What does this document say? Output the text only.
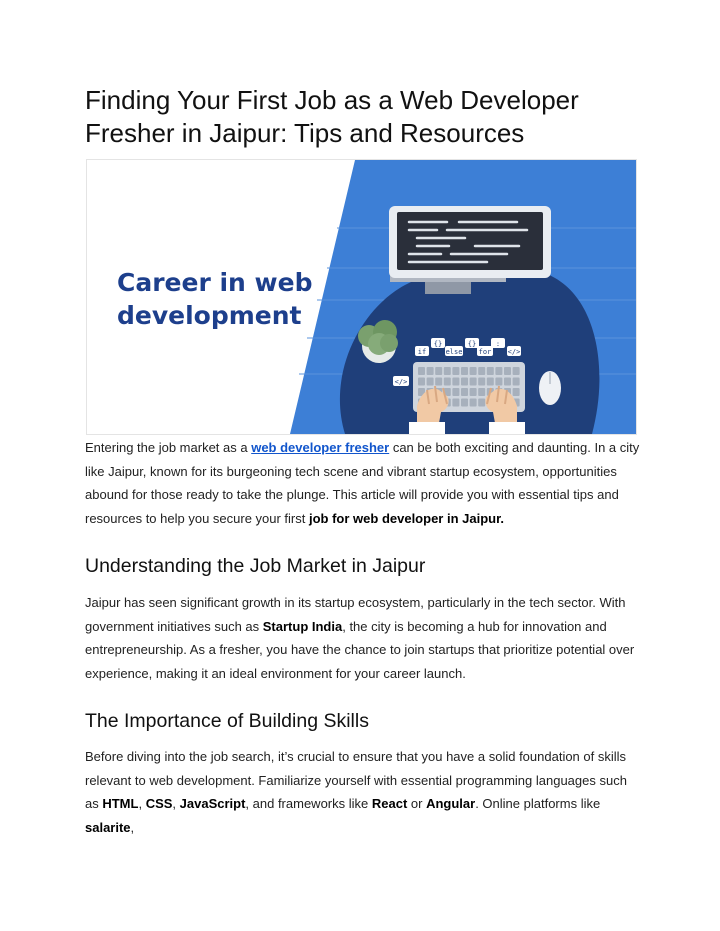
Finding Your First Job as a Web Developer Fresher in Jaipur: Tips and Resources
Career in web
development
if
{}
else
{}
for
:
</>
</>

Entering the job market as a web developer fresher can be both exciting and daunting. In a city like Jaipur, known for its burgeoning tech scene and vibrant startup ecosystem, opportunities abound for those ready to take the plunge. This article will provide you with essential tips and resources to help you secure your first job for web developer in Jaipur.

Understanding the Job Market in Jaipur

Jaipur has seen significant growth in its startup ecosystem, particularly in the tech sector. With government initiatives such as Startup India, the city is becoming a hub for innovation and entrepreneurship. As a fresher, you have the chance to join startups that prioritize potential over experience, making it an ideal environment for your career launch.

The Importance of Building Skills

Before diving into the job search, it’s crucial to ensure that you have a solid foundation of skills relevant to web development. Familiarize yourself with essential programming languages such as HTML, CSS, JavaScript, and frameworks like React or Angular. Online platforms like salarite,
